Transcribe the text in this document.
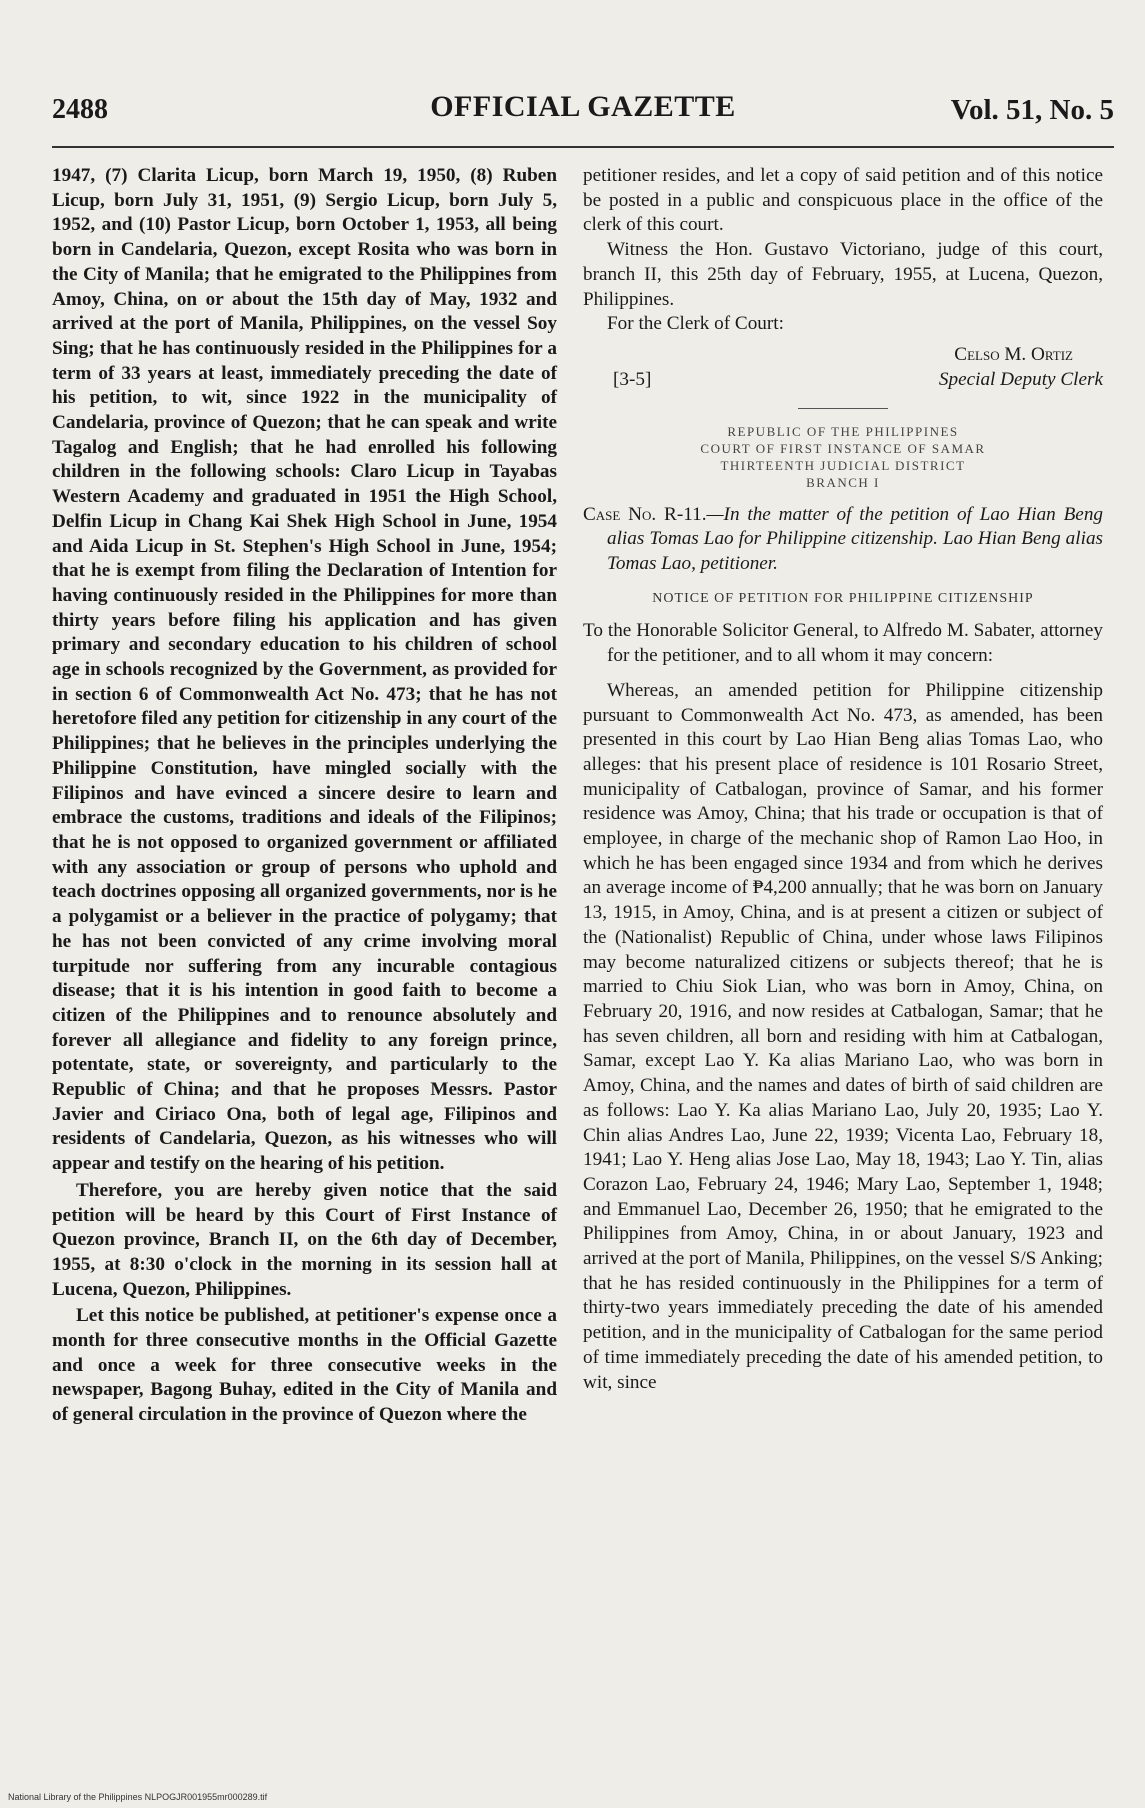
2488	OFFICIAL GAZETTE	Vol. 51, No. 5

1947, (7) Clarita Licup, born March 19, 1950, (8) Ruben Licup, born July 31, 1951, (9) Sergio Licup, born July 5, 1952, and (10) Pastor Licup, born October 1, 1953, all being born in Candelaria, Quezon, except Rosita who was born in the City of Manila; that he emigrated to the Philippines from Amoy, China, on or about the 15th day of May, 1932 and arrived at the port of Manila, Philippines, on the vessel Soy Sing; that he has continuously resided in the Philippines for a term of 33 years at least, immediately preceding the date of his petition, to wit, since 1922 in the municipality of Candelaria, province of Quezon; that he can speak and write Tagalog and English; that he had enrolled his following children in the following schools: Claro Licup in Tayabas Western Academy and graduated in 1951 the High School, Delfin Licup in Chang Kai Shek High School in June, 1954 and Aida Licup in St. Stephen's High School in June, 1954; that he is exempt from filing the Declaration of Intention for having continuously resided in the Philippines for more than thirty years before filing his application and has given primary and secondary education to his children of school age in schools recognized by the Government, as provided for in section 6 of Commonwealth Act No. 473; that he has not heretofore filed any petition for citizenship in any court of the Philippines; that he believes in the principles underlying the Philippine Constitution, have mingled socially with the Filipinos and have evinced a sincere desire to learn and embrace the customs, traditions and ideals of the Filipinos; that he is not opposed to organized government or affiliated with any association or group of persons who uphold and teach doctrines opposing all organized governments, nor is he a polygamist or a believer in the practice of polygamy; that he has not been convicted of any crime involving moral turpitude nor suffering from any incurable contagious disease; that it is his intention in good faith to become a citizen of the Philippines and to renounce absolutely and forever all allegiance and fidelity to any foreign prince, potentate, state, or sovereignty, and particularly to the Republic of China; and that he proposes Messrs. Pastor Javier and Ciriaco Ona, both of legal age, Filipinos and residents of Candelaria, Quezon, as his witnesses who will appear and testify on the hearing of his petition.

Therefore, you are hereby given notice that the said petition will be heard by this Court of First Instance of Quezon province, Branch II, on the 6th day of December, 1955, at 8:30 o'clock in the morning in its session hall at Lucena, Quezon, Philippines.

Let this notice be published, at petitioner's expense once a month for three consecutive months in the Official Gazette and once a week for three consecutive weeks in the newspaper, Bagong Buhay, edited in the City of Manila and of general circulation in the province of Quezon where the

petitioner resides, and let a copy of said petition and of this notice be posted in a public and conspicuous place in the office of the clerk of this court.

Witness the Hon. Gustavo Victoriano, judge of this court, branch II, this 25th day of February, 1955, at Lucena, Quezon, Philippines.

For the Clerk of Court:

Celso M. Ortiz
[3-5]	Special Deputy Clerk
REPUBLIC OF THE PHILIPPINES
COURT OF FIRST INSTANCE OF SAMAR
THIRTEENTH JUDICIAL DISTRICT
BRANCH I

Case No. R-11.—In the matter of the petition of Lao Hian Beng alias Tomas Lao for Philippine citizenship. Lao Hian Beng alias Tomas Lao, petitioner.

NOTICE OF PETITION FOR PHILIPPINE CITIZENSHIP

To the Honorable Solicitor General, to Alfredo M. Sabater, attorney for the petitioner, and to all whom it may concern:

Whereas, an amended petition for Philippine citizenship pursuant to Commonwealth Act No. 473, as amended, has been presented in this court by Lao Hian Beng alias Tomas Lao, who alleges: that his present place of residence is 101 Rosario Street, municipality of Catbalogan, province of Samar, and his former residence was Amoy, China; that his trade or occupation is that of employee, in charge of the mechanic shop of Ramon Lao Hoo, in which he has been engaged since 1934 and from which he derives an average income of ₱4,200 annually; that he was born on January 13, 1915, in Amoy, China, and is at present a citizen or subject of the (Nationalist) Republic of China, under whose laws Filipinos may become naturalized citizens or subjects thereof; that he is married to Chiu Siok Lian, who was born in Amoy, China, on February 20, 1916, and now resides at Catbalogan, Samar; that he has seven children, all born and residing with him at Catbalogan, Samar, except Lao Y. Ka alias Mariano Lao, who was born in Amoy, China, and the names and dates of birth of said children are as follows: Lao Y. Ka alias Mariano Lao, July 20, 1935; Lao Y. Chin alias Andres Lao, June 22, 1939; Vicenta Lao, February 18, 1941; Lao Y. Heng alias Jose Lao, May 18, 1943; Lao Y. Tin, alias Corazon Lao, February 24, 1946; Mary Lao, September 1, 1948; and Emmanuel Lao, December 26, 1950; that he emigrated to the Philippines from Amoy, China, in or about January, 1923 and arrived at the port of Manila, Philippines, on the vessel S/S Anking; that he has resided continuously in the Philippines for a term of thirty-two years immediately preceding the date of his amended petition, and in the municipality of Catbalogan for the same period of time immediately preceding the date of his amended petition, to wit, since

National Library of the Philippines NLPOGJR001955mr000289.tif
